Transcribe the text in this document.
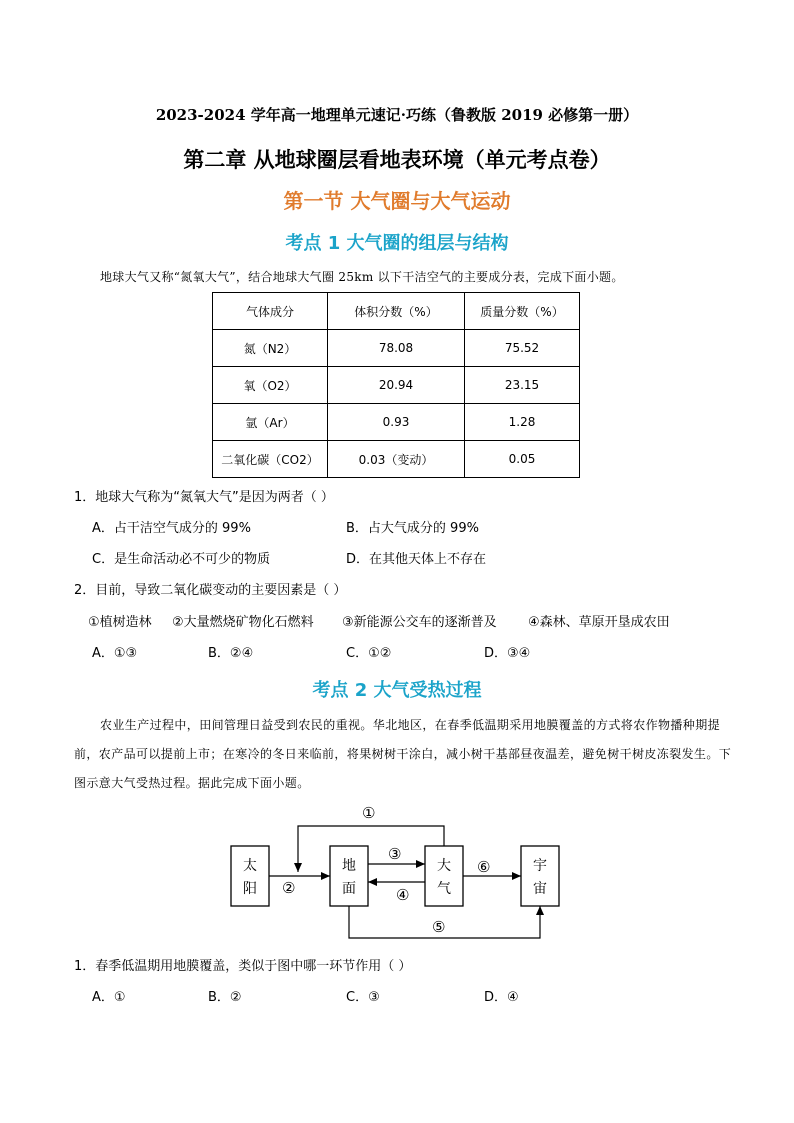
2023-2024 学年高一地理单元速记·巧练（鲁教版 2019 必修第一册）
第二章 从地球圈层看地表环境（单元考点卷）
第一节 大气圈与大气运动
考点 1 大气圈的组层与结构
地球大气又称“氮氧大气”，结合地球大气圈 25km 以下干洁空气的主要成分表，完成下面小题。
气体成分	体积分数（%）	质量分数（%）
氮（N2）	78.08	75.52
氧（O2）	20.94	23.15
氩（Ar）	0.93	1.28
二氧化碳（CO2）	0.03（变动）	0.05
1．地球大气称为“氮氧大气”是因为两者（ ）
A．占干洁空气成分的 99%	B．占大气成分的 99%
C．是生命活动必不可少的物质	D．在其他天体上不存在
2．目前，导致二氧化碳变动的主要因素是（ ）
①植树造林 ②大量燃烧矿物化石燃料 ③新能源公交车的逐渐普及 ④森林、草原开垦成农田
A．①③	B．②④	C．①②	D．③④
考点 2 大气受热过程
农业生产过程中，田间管理日益受到农民的重视。华北地区，在春季低温期采用地膜覆盖的方式将农作物播种期提前，农产品可以提前上市；在寒冷的冬日来临前，将果树树干涂白，减小树干基部昼夜温差，避免树干树皮冻裂发生。下图示意大气受热过程。据此完成下面小题。
太
阳
地
面
大
气
宇
宙
①
②
③
④
⑤
⑥
1．春季低温期用地膜覆盖，类似于图中哪一环节作用（ ）
A．①	B．②	C．③	D．④
